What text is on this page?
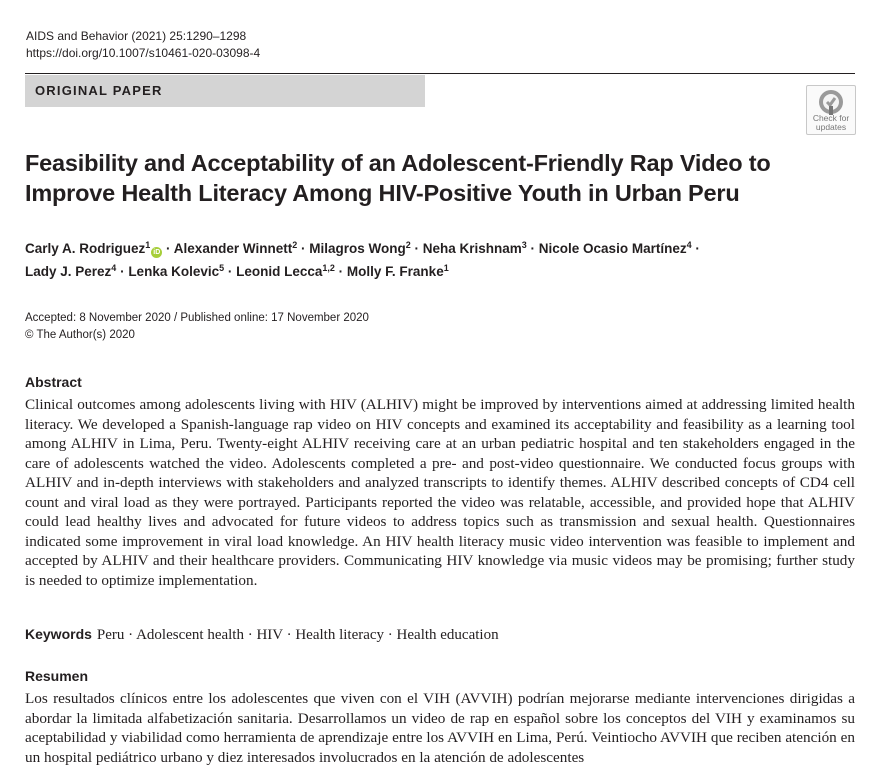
AIDS and Behavior (2021) 25:1290–1298
https://doi.org/10.1007/s10461-020-03098-4
ORIGINAL PAPER
Check for updates
Feasibility and Acceptability of an Adolescent-Friendly Rap Video to Improve Health Literacy Among HIV-Positive Youth in Urban Peru
Carly A. Rodriguez$^1$iD · Alexander Winnett$^2$ · Milagros Wong$^2$ · Neha Krishnam$^3$ · Nicole Ocasio Martínez$^4$ ·
Lady J. Perez$^4$ · Lenka Kolevic$^5$ · Leonid Lecca$^{1,2}$ · Molly F. Franke$^1$
Accepted: 8 November 2020 / Published online: 17 November 2020
© The Author(s) 2020
Abstract

Clinical outcomes among adolescents living with HIV (ALHIV) might be improved by interventions aimed at addressing limited health literacy. We developed a Spanish-language rap video on HIV concepts and examined its acceptability and feasibility as a learning tool among ALHIV in Lima, Peru. Twenty-eight ALHIV receiving care at an urban pediatric hospital and ten stakeholders engaged in the care of adolescents watched the video. Adolescents completed a pre- and post-video questionnaire. We conducted focus groups with ALHIV and in-depth interviews with stakeholders and analyzed transcripts to identify themes. ALHIV described concepts of CD4 cell count and viral load as they were portrayed. Participants reported the video was relatable, accessible, and provided hope that ALHIV could lead healthy lives and advocated for future videos to address topics such as transmission and sexual health. Questionnaires indicated some improvement in viral load knowledge. An HIV health literacy music video intervention was feasible to implement and accepted by ALHIV and their healthcare providers. Communicating HIV knowledge via music videos may be promising; further study is needed to optimize implementation.

Keywords Peru · Adolescent health · HIV · Health literacy · Health education
Resumen

Los resultados clínicos entre los adolescentes que viven con el VIH (AVVIH) podrían mejorarse mediante intervenciones dirigidas a abordar la limitada alfabetización sanitaria. Desarrollamos un video de rap en español sobre los conceptos del VIH y examinamos su aceptabilidad y viabilidad como herramienta de aprendizaje entre los AVVIH en Lima, Perú. Veintiocho AVVIH que reciben atención en un hospital pediátrico urbano y diez interesados involucrados en la atención de adolescentes
